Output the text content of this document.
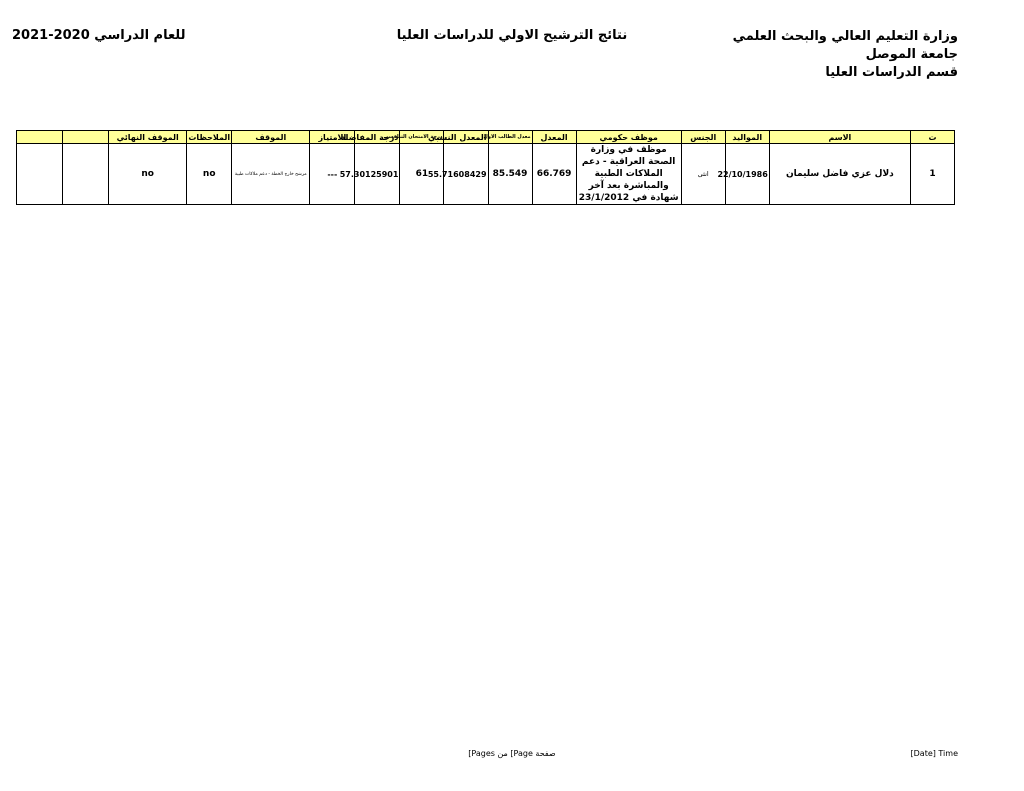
وزارة التعليم العالي والبحث العلمي
جامعة الموصل
قسم الدراسات العليا
نتائج الترشيح الاولي للدراسات العليا
للعام الدراسي 2020-2021
ت	الاسم	المواليد	الجنس	موظف حكومي	المعدل	معدل الطالب الاول	المعدل النسبي	درجة الامتحان التنافسي	درجة المفاضلة	الامتياز	الموقف	الملاحظات	الموقف النهائي		
1	دلال عزي فاضل سليمان	22/10/1986	انثى	موظف في وزارة الصحة العراقية - دعم الملاكات الطبية والمباشرة بعد آخر شهادة في 23/1/2012	66.769	85.549	55.71608429	61	57.30125901	---	مرشح خارج الخطة - دعم ملاكات طبية	no	no		
صفحة Page] من Pages]	Date] Time]
